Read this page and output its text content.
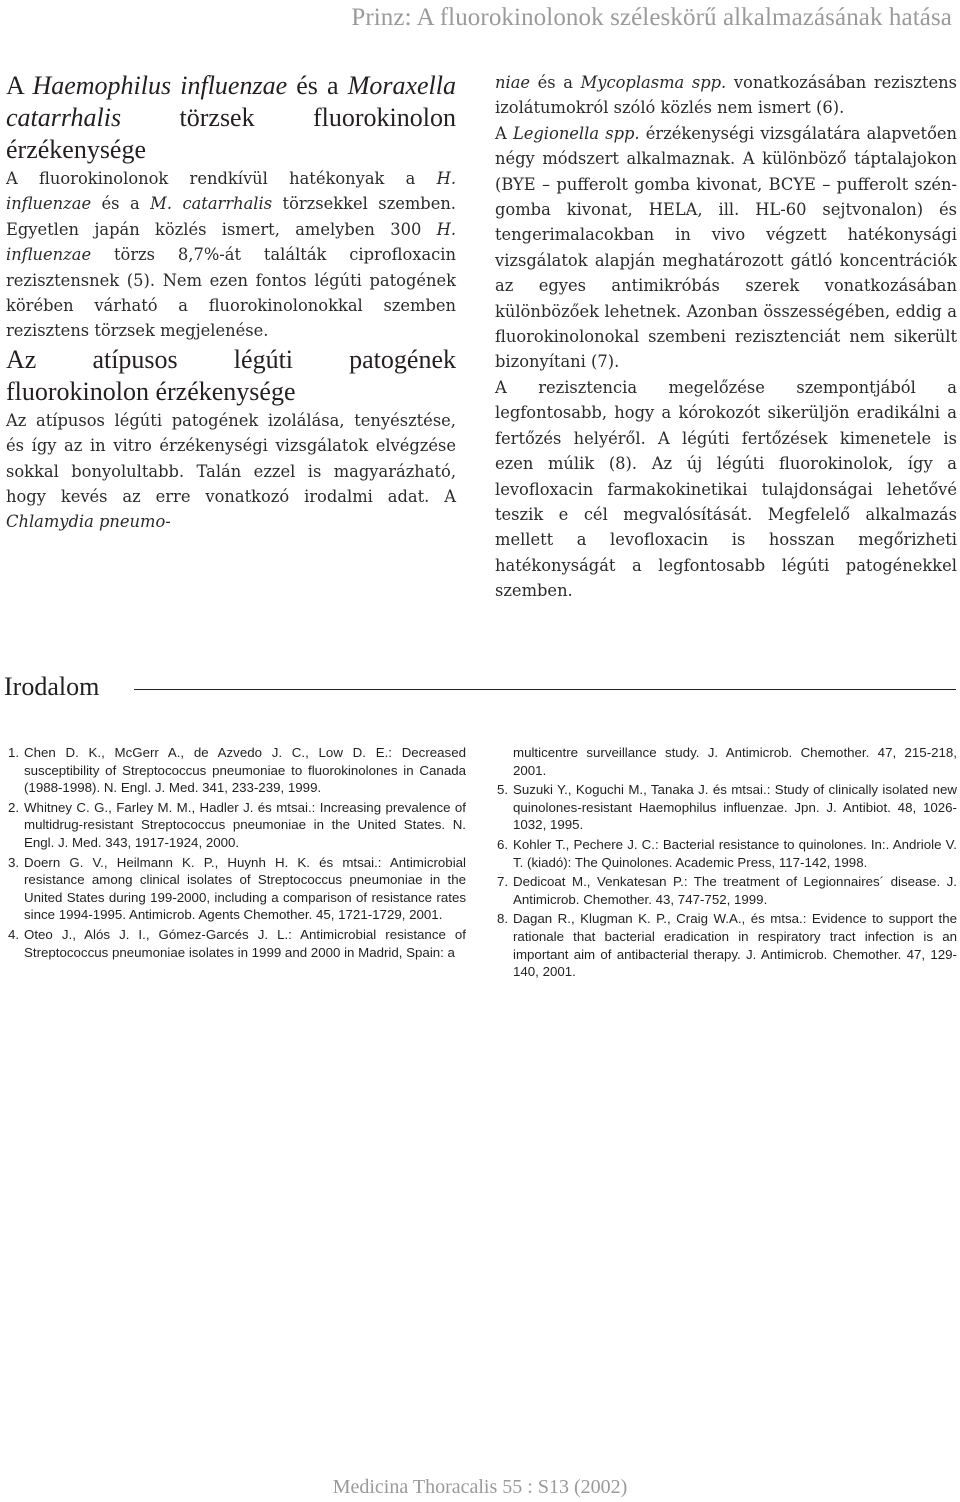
Prinz: A fluorokinolonok széleskörű alkalmazásának hatása
A Haemophilus influenzae és a Moraxella catarrhalis törzsek fluorokinolon érzékenysége

A fluorokinolonok rendkívül hatékonyak a H. influenzae és a M. catarrhalis törzsekkel szemben. Egyetlen japán közlés ismert, amelyben 300 H. influenzae törzs 8,7%-át találták ciprofloxacin rezisztensnek (5). Nem ezen fontos légúti patogének körében várható a fluorokinolonokkal szemben rezisztens törzsek megjelenése.

Az atípusos légúti patogének fluorokinolon érzékenysége

Az atípusos légúti patogének izolálása, tenyésztése, és így az in vitro érzékenységi vizsgálatok elvégzése sokkal bonyolultabb. Talán ezzel is magyarázható, hogy kevés az erre vonatkozó irodalmi adat. A Chlamydia pneumo-

niae és a Mycoplasma spp. vonatkozásában rezisztens izolátumokról szóló közlés nem ismert (6).

A Legionella spp. érzékenységi vizsgálatára alapvetően négy módszert alkalmaznak. A különböző táptalajokon (BYE – pufferolt gomba kivonat, BCYE – pufferolt szén-gomba kivonat, HELA, ill. HL-60 sejtvonalon) és tengerimalacokban in vivo végzett hatékonysági vizsgálatok alapján meghatározott gátló koncentrációk az egyes antimikróbás szerek vonatkozásában különbözőek lehetnek. Azonban összességében, eddig a fluorokinolonokal szembeni rezisztenciát nem sikerült bizonyítani (7).

A rezisztencia megelőzése szempontjából a legfontosabb, hogy a kórokozót sikerüljön eradikálni a fertőzés helyéről. A légúti fertőzések kimenetele is ezen múlik (8). Az új légúti fluorokinolok, így a levofloxacin farmakokinetikai tulajdonságai lehetővé teszik e cél megvalósítását. Megfelelő alkalmazás mellett a levofloxacin is hosszan megőrizheti hatékonyságát a legfontosabb légúti patogénekkel szemben.

Irodalom
1. Chen D. K., McGerr A., de Azvedo J. C., Low D. E.: Decreased susceptibility of Streptococcus pneumoniae to fluorokinolones in Canada (1988-1998). N. Engl. J. Med. 341, 233-239, 1999.
2. Whitney C. G., Farley M. M., Hadler J. és mtsai.: Increasing prevalence of multidrug-resistant Streptococcus pneumoniae in the United States. N. Engl. J. Med. 343, 1917-1924, 2000.
3. Doern G. V., Heilmann K. P., Huynh H. K. és mtsai.: Antimicrobial resistance among clinical isolates of Streptococcus pneumoniae in the United States during 199-2000, including a comparison of resistance rates since 1994-1995. Antimicrob. Agents Chemother. 45, 1721-1729, 2001.
4. Oteo J., Alós J. I., Gómez-Garcés J. L.: Antimicrobial resistance of Streptococcus pneumoniae isolates in 1999 and 2000 in Madrid, Spain: a
multicentre surveillance study. J. Antimicrob. Chemother. 47, 215-218, 2001.
5. Suzuki Y., Koguchi M., Tanaka J. és mtsai.: Study of clinically isolated new quinolones-resistant Haemophilus influenzae. Jpn. J. Antibiot. 48, 1026-1032, 1995.
6. Kohler T., Pechere J. C.: Bacterial resistance to quinolones. In:. Andriole V. T. (kiadó): The Quinolones. Academic Press, 117-142, 1998.
7. Dedicoat M., Venkatesan P.: The treatment of Legionnaires´ disease. J. Antimicrob. Chemother. 43, 747-752, 1999.
8. Dagan R., Klugman K. P., Craig W.A., és mtsa.: Evidence to support the rationale that bacterial eradication in respiratory tract infection is an important aim of antibacterial therapy. J. Antimicrob. Chemother. 47, 129-140, 2001.
Medicina Thoracalis 55 : S13 (2002)
